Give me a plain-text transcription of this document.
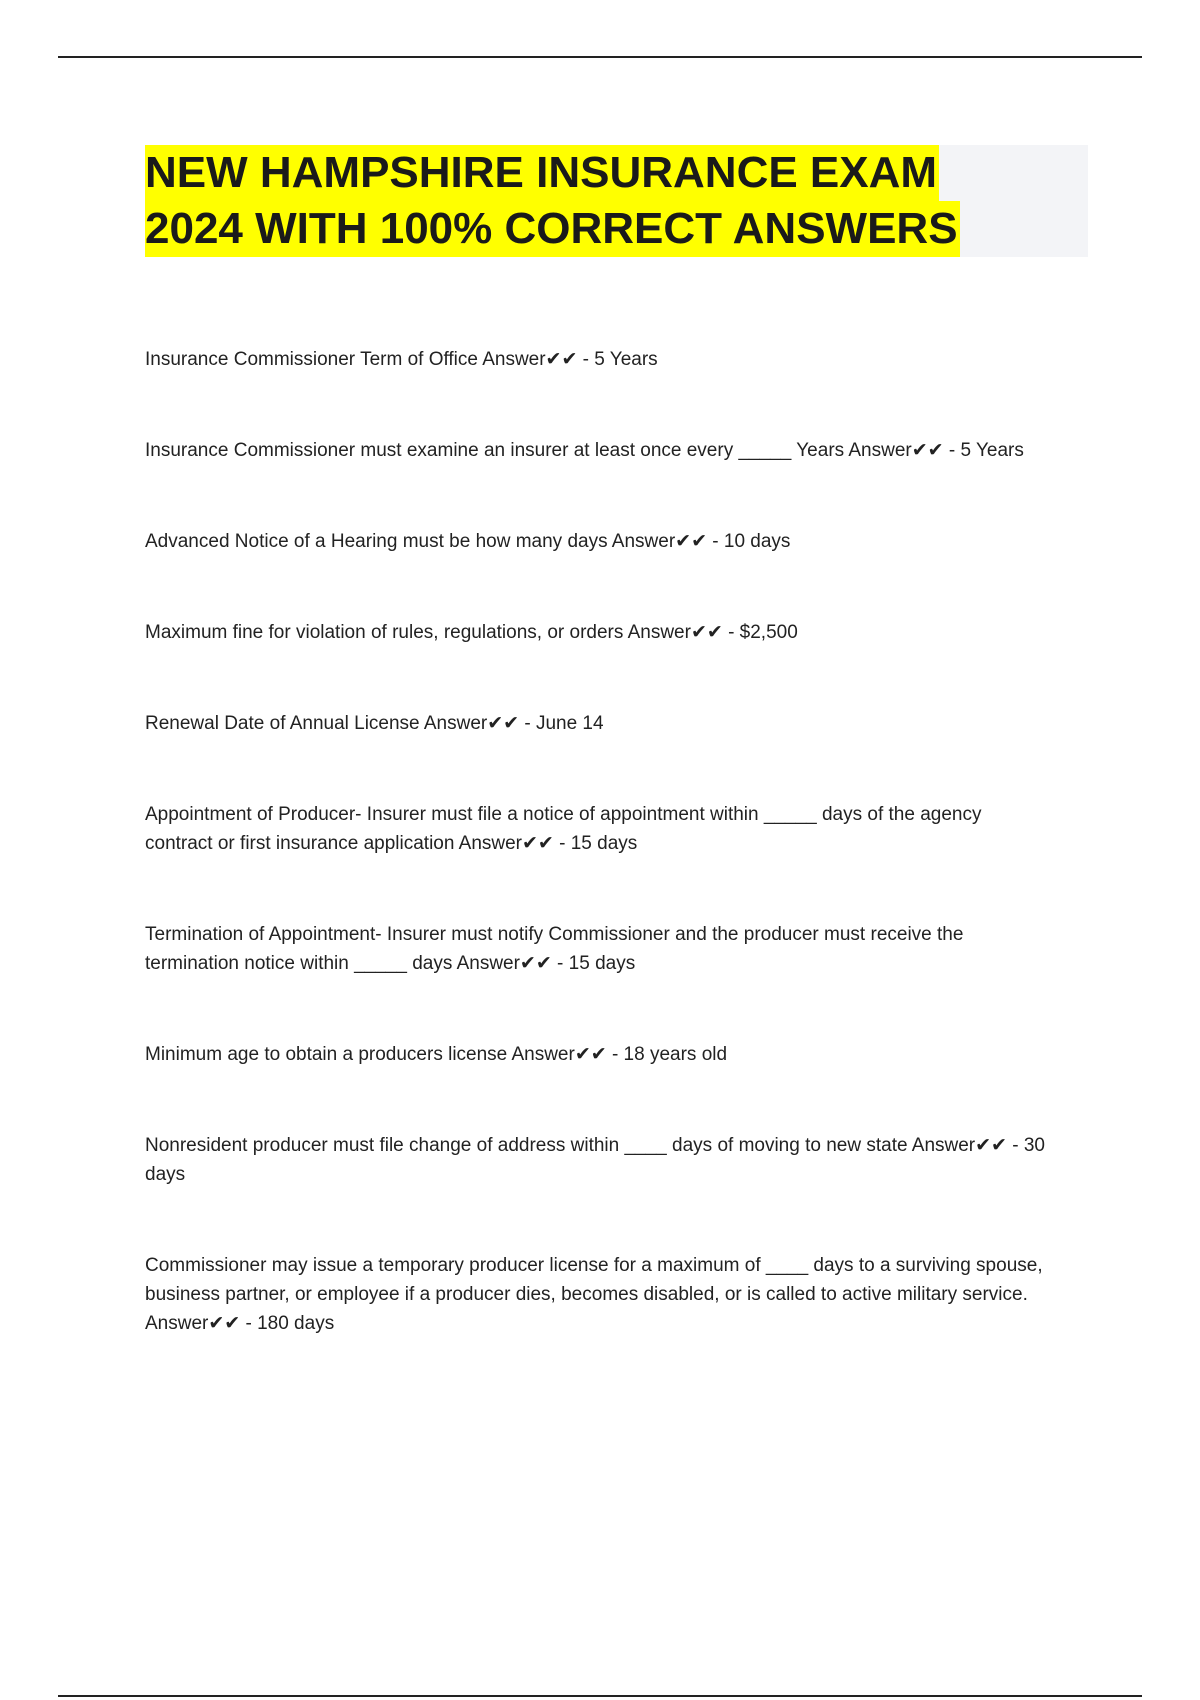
NEW HAMPSHIRE INSURANCE EXAM
2024 WITH 100% CORRECT ANSWERS

Insurance Commissioner Term of Office Answer✔✔ - 5 Years

Insurance Commissioner must examine an insurer at least once every _____ Years Answer✔✔ - 5 Years

Advanced Notice of a Hearing must be how many days Answer✔✔ - 10 days

Maximum fine for violation of rules, regulations, or orders Answer✔✔ - $2,500

Renewal Date of Annual License Answer✔✔ - June 14

Appointment of Producer- Insurer must file a notice of appointment within _____ days of the agency contract or first insurance application Answer✔✔ - 15 days

Termination of Appointment- Insurer must notify Commissioner and the producer must receive the termination notice within _____ days Answer✔✔ - 15 days

Minimum age to obtain a producers license Answer✔✔ - 18 years old

Nonresident producer must file change of address within ____ days of moving to new state Answer✔✔ - 30 days

Commissioner may issue a temporary producer license for a maximum of ____ days to a surviving spouse, business partner, or employee if a producer dies, becomes disabled, or is called to active military service. Answer✔✔ - 180 days
